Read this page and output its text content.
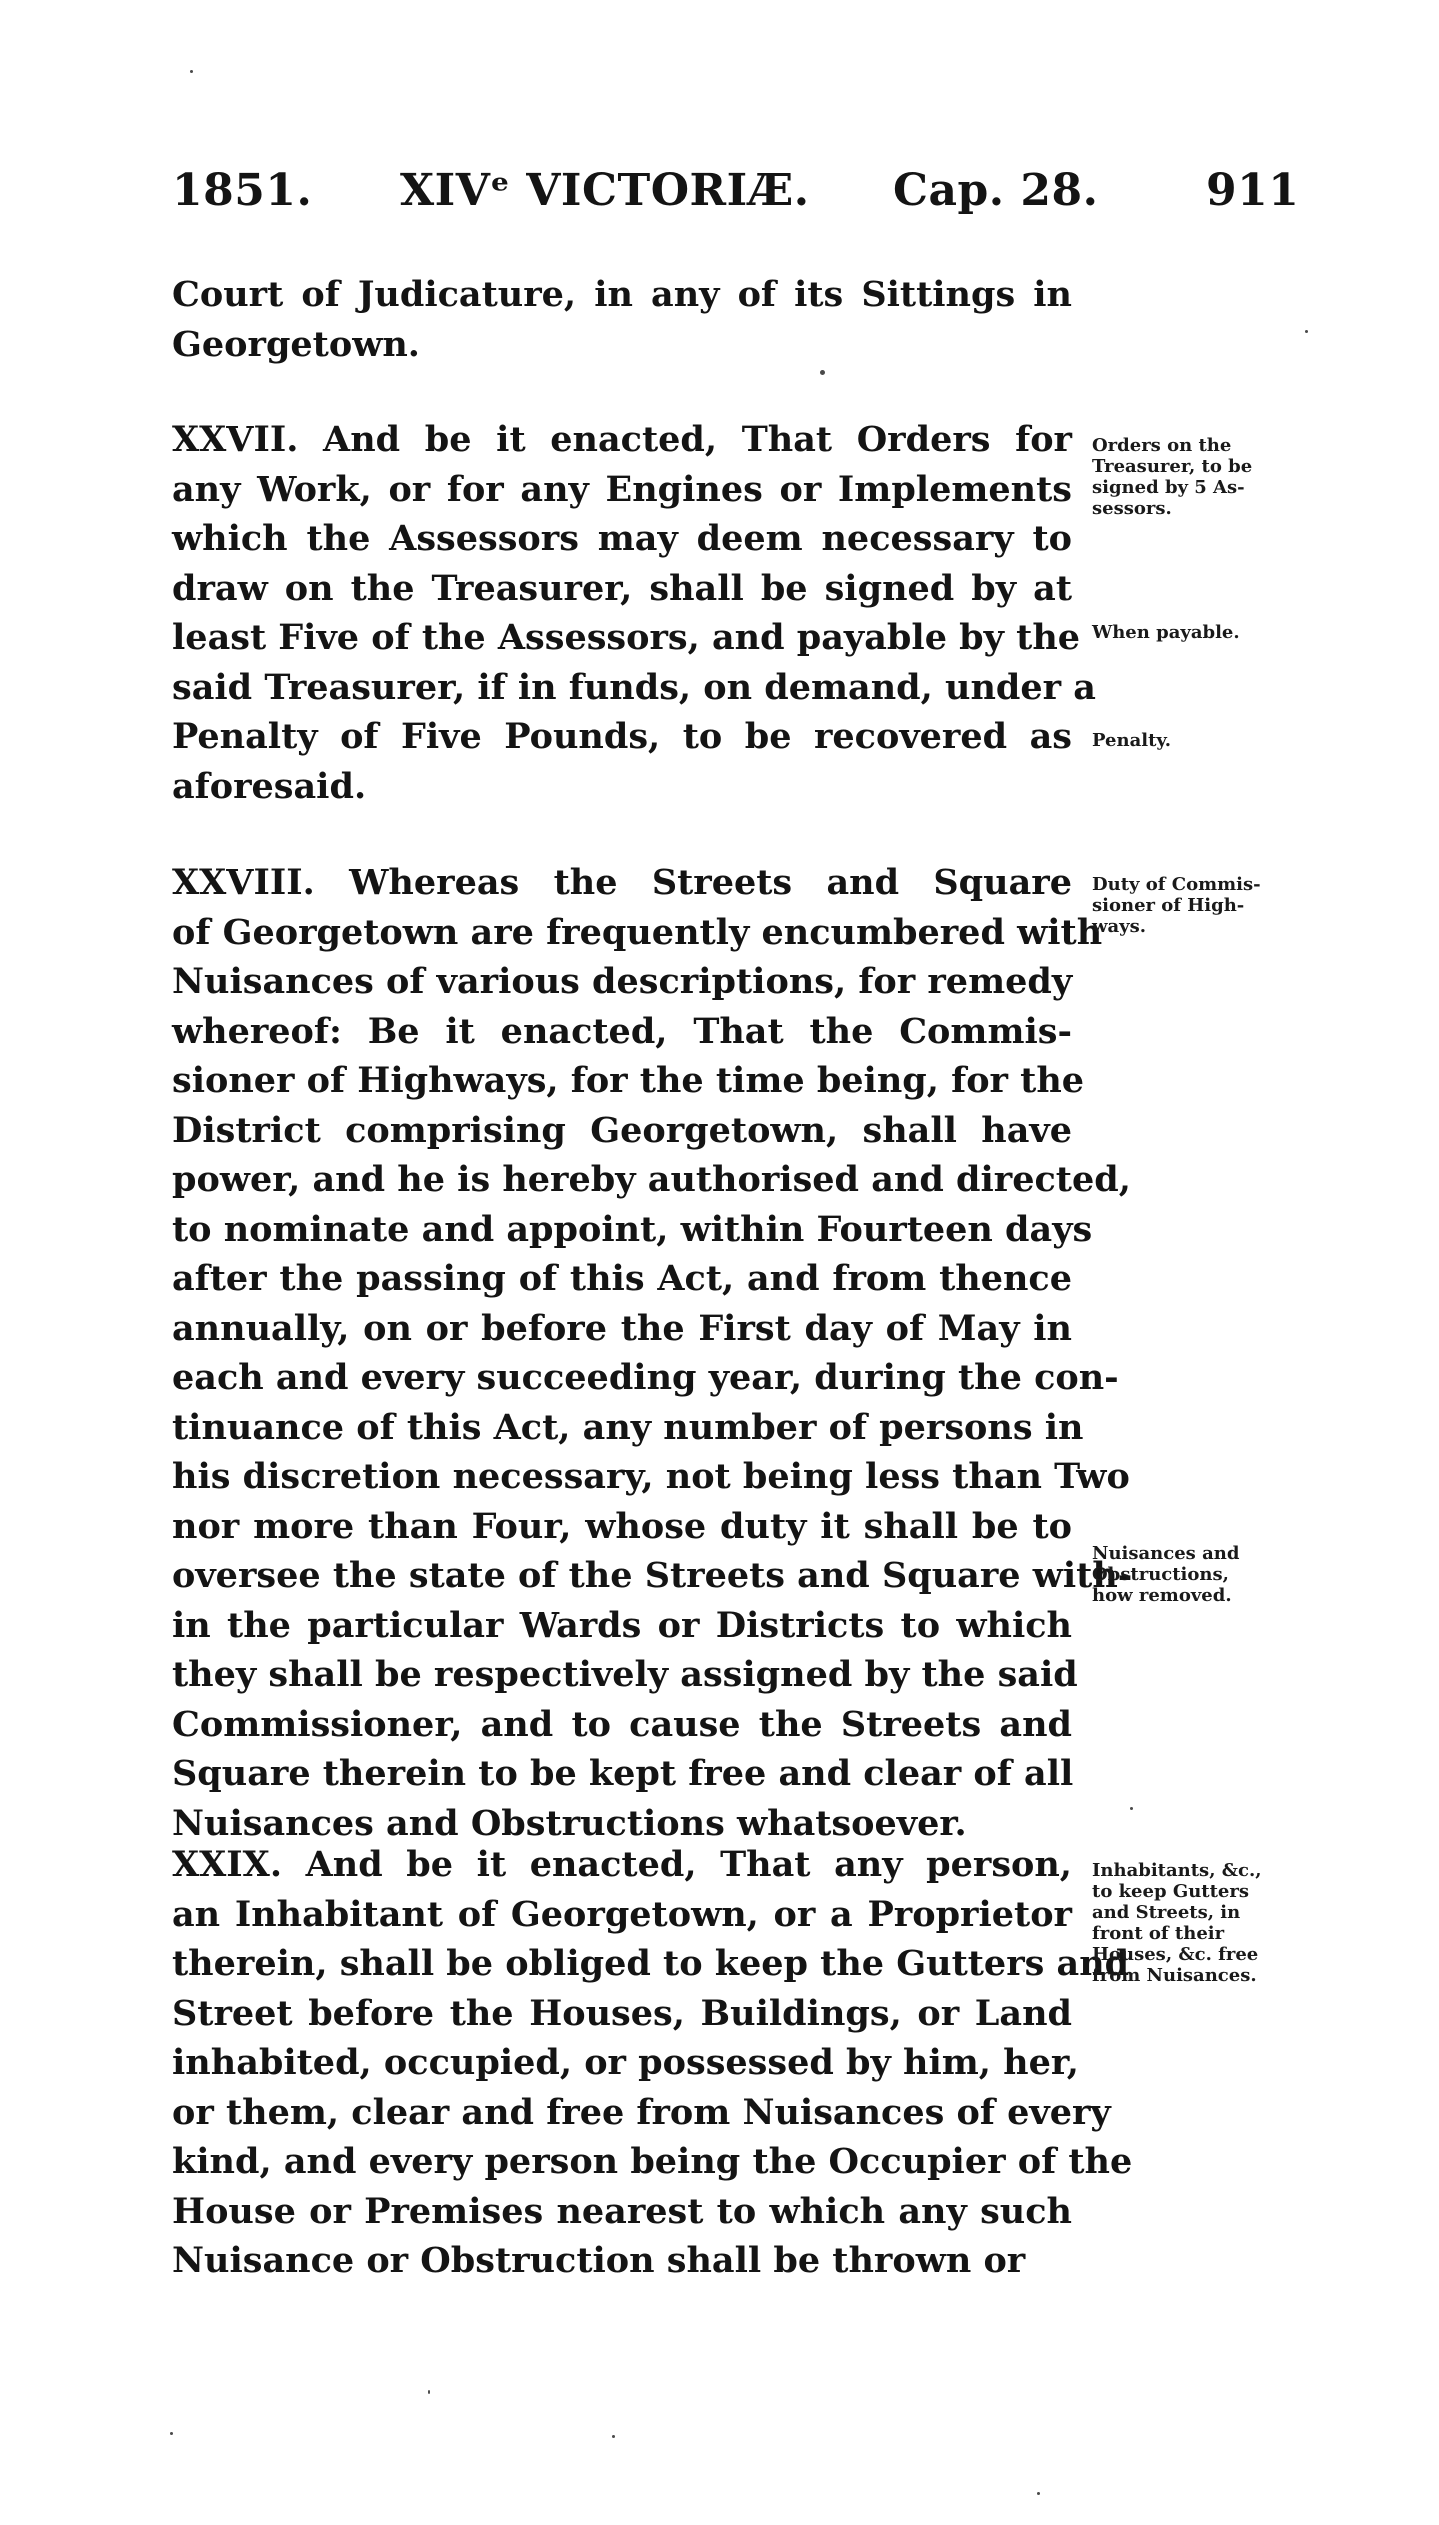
1851. XIVᵉ VICTORIÆ. Cap. 28. 911
Court of Judicature, in any of its Sittings in
Georgetown.
XXVII. And be it enacted, That Orders for
any Work, or for any Engines or Implements
which the Assessors may deem necessary to
draw on the Treasurer, shall be signed by at
least Five of the Assessors, and payable by the
said Treasurer, if in funds, on demand, under a
Penalty of Five Pounds, to be recovered as
aforesaid.
XXVIII. Whereas the Streets and Square
of Georgetown are frequently encumbered with
Nuisances of various descriptions, for remedy
whereof: Be it enacted, That the Commis-
sioner of Highways, for the time being, for the
District comprising Georgetown, shall have
power, and he is hereby authorised and directed,
to nominate and appoint, within Fourteen days
after the passing of this Act, and from thence
annually, on or before the First day of May in
each and every succeeding year, during the con-
tinuance of this Act, any number of persons in
his discretion necessary, not being less than Two
nor more than Four, whose duty it shall be to
oversee the state of the Streets and Square with-
in the particular Wards or Districts to which
they shall be respectively assigned by the said
Commissioner, and to cause the Streets and
Square therein to be kept free and clear of all
Nuisances and Obstructions whatsoever.
XXIX. And be it enacted, That any person,
an Inhabitant of Georgetown, or a Proprietor
therein, shall be obliged to keep the Gutters and
Street before the Houses, Buildings, or Land
inhabited, occupied, or possessed by him, her,
or them, clear and free from Nuisances of every
kind, and every person being the Occupier of the
House or Premises nearest to which any such
Nuisance or Obstruction shall be thrown or
Orders on the
Treasurer, to be
signed by 5 As-
sessors.
When payable.
Penalty.
Duty of Commis-
sioner of High-
ways.
Nuisances and
Obstructions,
how removed.
Inhabitants, &c.,
to keep Gutters
and Streets, in
front of their
Houses, &c. free
from Nuisances.
